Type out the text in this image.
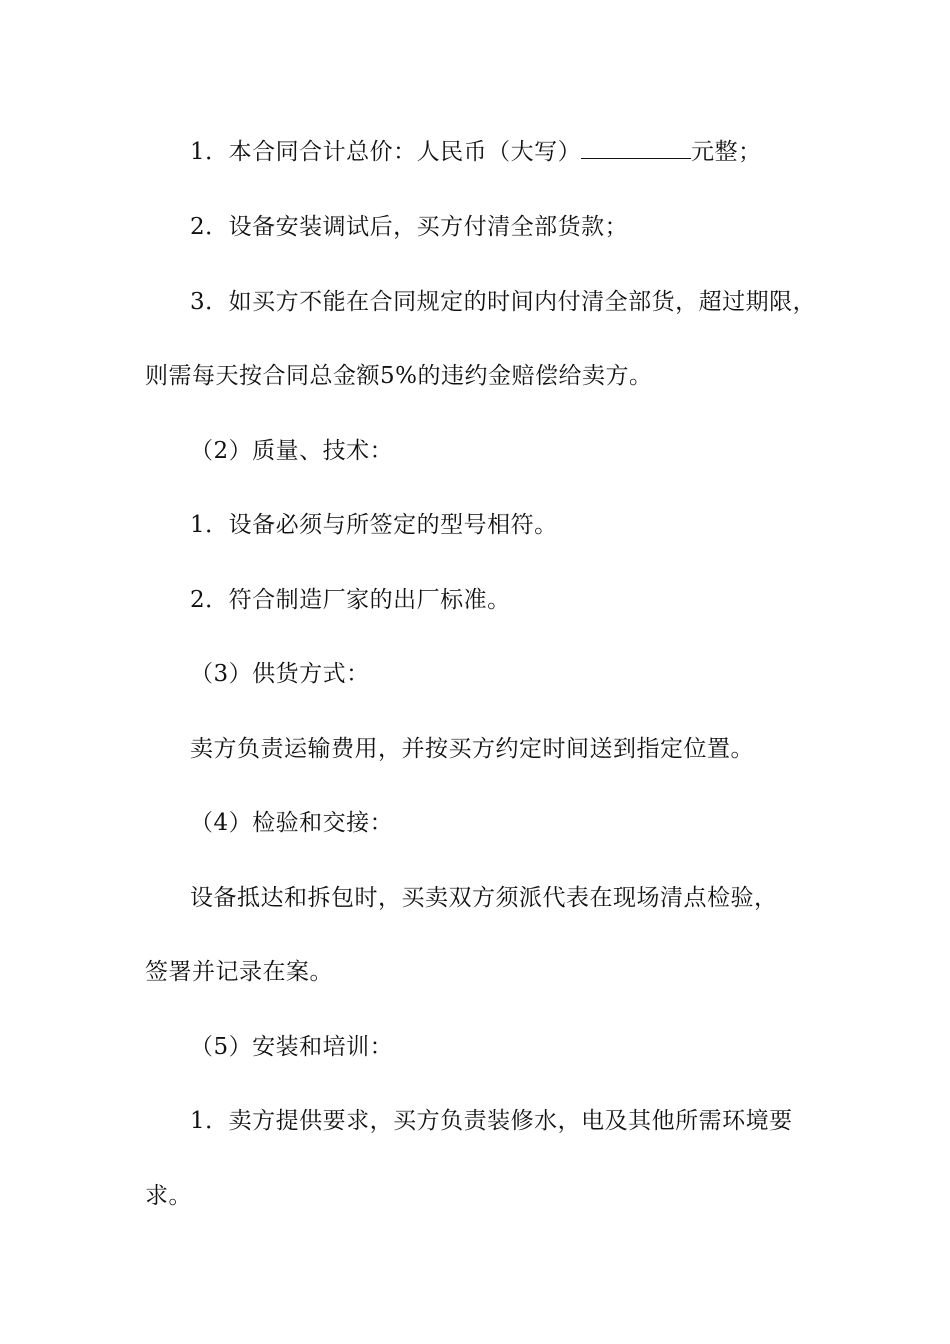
1．本合同合计总价：人民币（大写）	元整；
2．设备安装调试后，买方付清全部货款；
3．如买方不能在合同规定的时间内付清全部货，超过期限，
则需每天按合同总金额5%的违约金赔偿给卖方。
（2）质量、技术：
1．设备必须与所签定的型号相符。
2．符合制造厂家的出厂标准。
（3）供货方式：
卖方负责运输费用，并按买方约定时间送到指定位置。
（4）检验和交接：
设备抵达和拆包时，买卖双方须派代表在现场清点检验，
签署并记录在案。
（5）安装和培训：
1．卖方提供要求，买方负责装修水，电及其他所需环境要
求。
